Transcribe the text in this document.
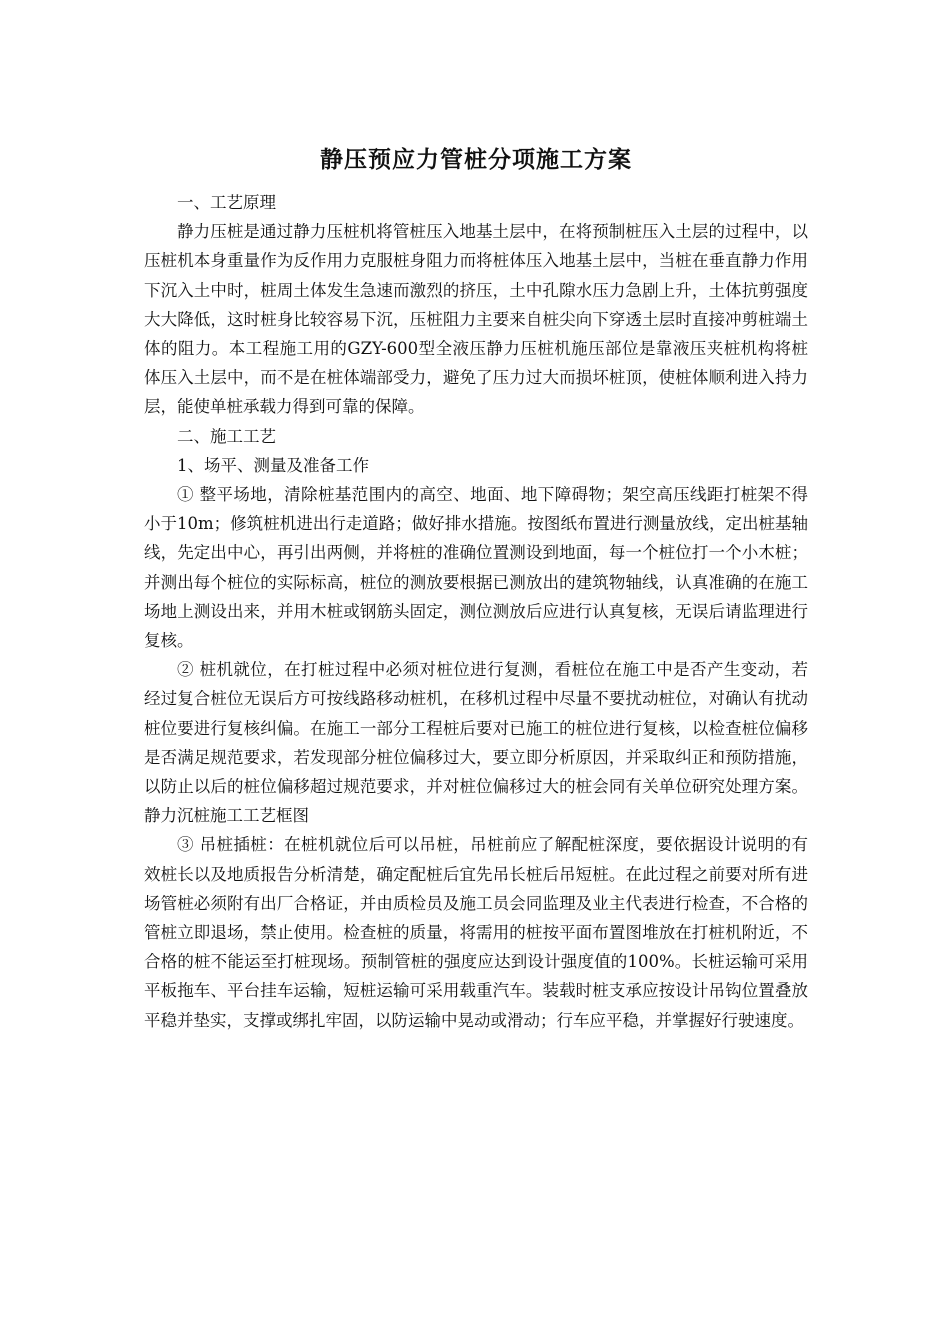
静压预应力管桩分项施工方案

一、工艺原理

静力压桩是通过静力压桩机将管桩压入地基土层中，在将预制桩压入土层的过程中，以压桩机本身重量作为反作用力克服桩身阻力而将桩体压入地基土层中，当桩在垂直静力作用下沉入土中时，桩周土体发生急速而激烈的挤压，土中孔隙水压力急剧上升，土体抗剪强度大大降低，这时桩身比较容易下沉，压桩阻力主要来自桩尖向下穿透土层时直接冲剪桩端土体的阻力。本工程施工用的GZY-600型全液压静力压桩机施压部位是靠液压夹桩机构将桩体压入土层中，而不是在桩体端部受力，避免了压力过大而损坏桩顶，使桩体顺利进入持力层，能使单桩承载力得到可靠的保障。

二、施工工艺

1、场平、测量及准备工作

① 整平场地，清除桩基范围内的高空、地面、地下障碍物；架空高压线距打桩架不得小于10m；修筑桩机进出行走道路；做好排水措施。按图纸布置进行测量放线，定出桩基轴线，先定出中心，再引出两侧，并将桩的准确位置测设到地面，每一个桩位打一个小木桩；并测出每个桩位的实际标高，桩位的测放要根据已测放出的建筑物轴线，认真准确的在施工场地上测设出来，并用木桩或钢筋头固定，测位测放后应进行认真复核，无误后请监理进行复核。

② 桩机就位，在打桩过程中必须对桩位进行复测，看桩位在施工中是否产生变动，若经过复合桩位无误后方可按线路移动桩机，在移机过程中尽量不要扰动桩位，对确认有扰动桩位要进行复核纠偏。在施工一部分工程桩后要对已施工的桩位进行复核，以检查桩位偏移是否满足规范要求，若发现部分桩位偏移过大，要立即分析原因，并采取纠正和预防措施，以防止以后的桩位偏移超过规范要求，并对桩位偏移过大的桩会同有关单位研究处理方案。静力沉桩施工工艺框图

③ 吊桩插桩：在桩机就位后可以吊桩，吊桩前应了解配桩深度，要依据设计说明的有效桩长以及地质报告分析清楚，确定配桩后宜先吊长桩后吊短桩。在此过程之前要对所有进场管桩必须附有出厂合格证，并由质检员及施工员会同监理及业主代表进行检查，不合格的管桩立即退场，禁止使用。检查桩的质量，将需用的桩按平面布置图堆放在打桩机附近，不合格的桩不能运至打桩现场。预制管桩的强度应达到设计强度值的100%。长桩运输可采用平板拖车、平台挂车运输，短桩运输可采用载重汽车。装载时桩支承应按设计吊钩位置叠放平稳并垫实，支撑或绑扎牢固，以防运输中晃动或滑动；行车应平稳，并掌握好行驶速度。
